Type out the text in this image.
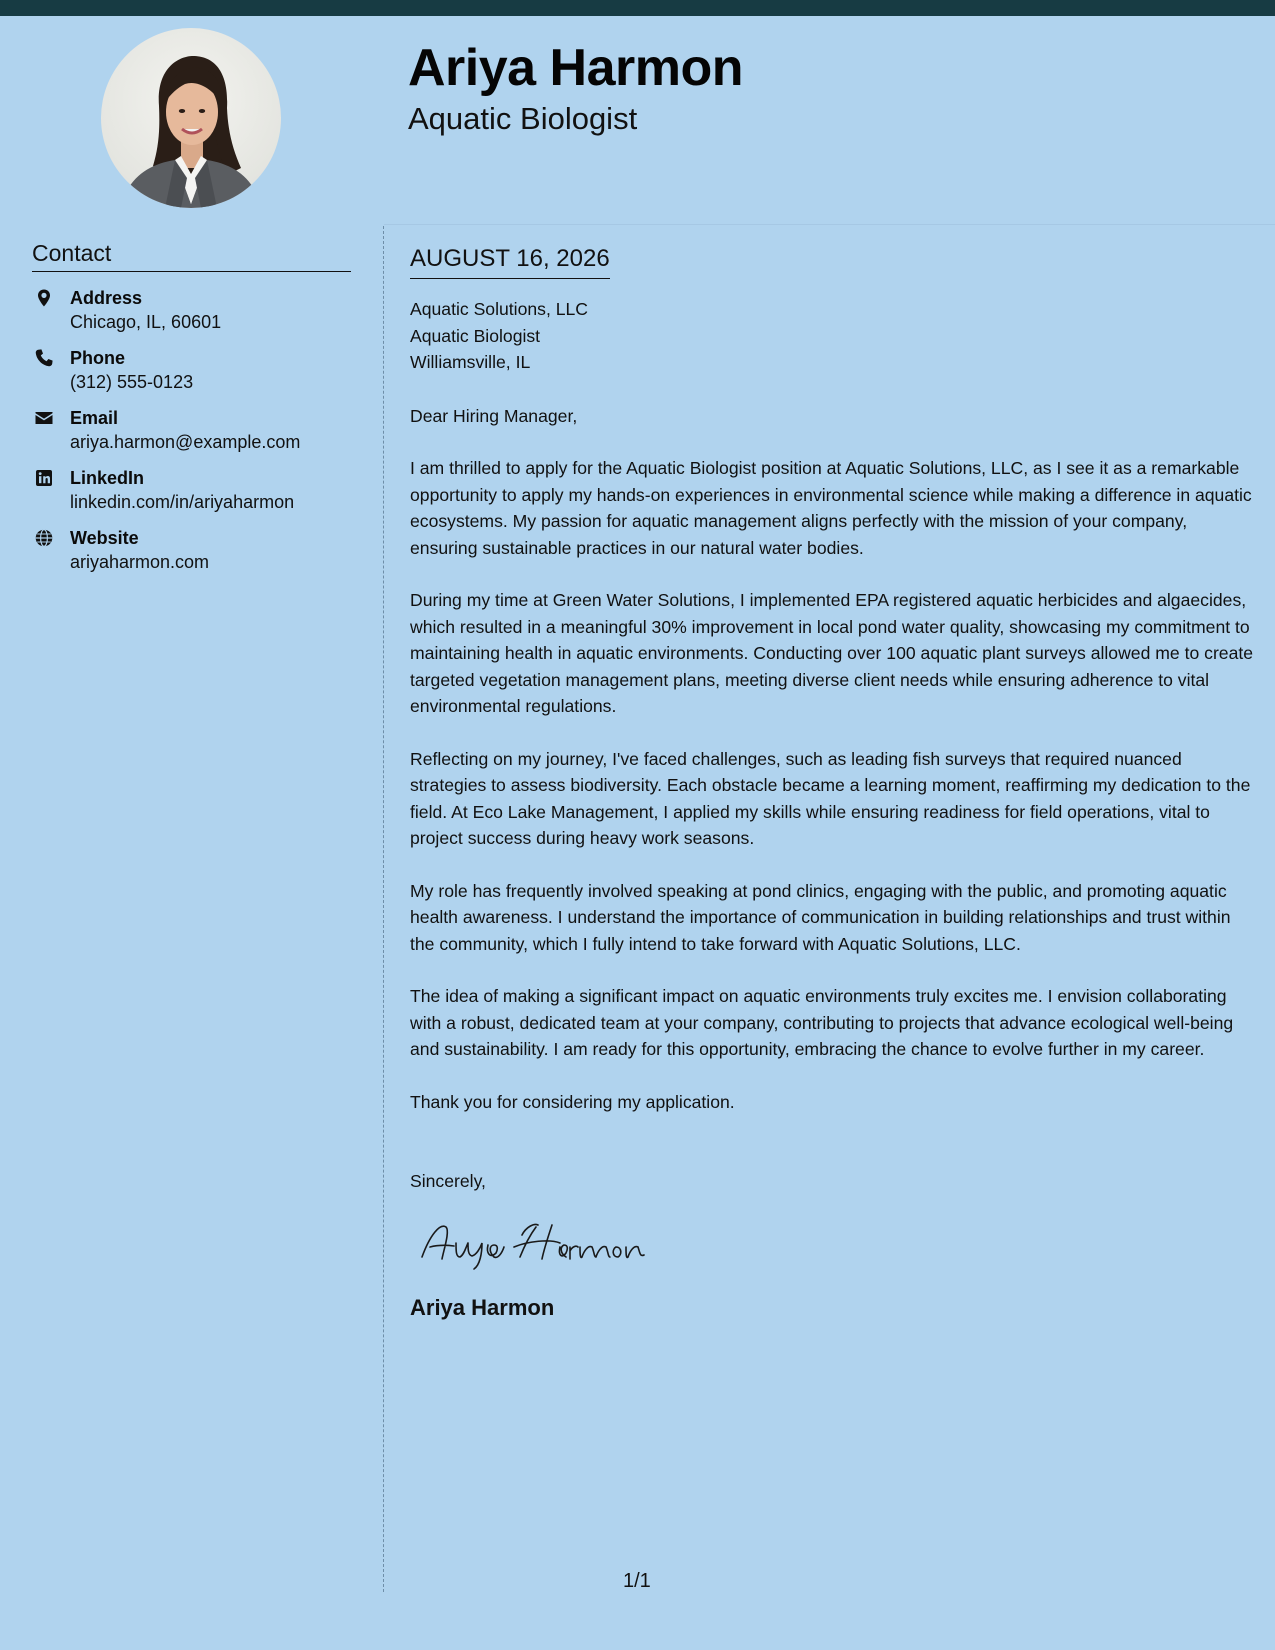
Ariya Harmon
Aquatic Biologist
Contact
Address
Chicago, IL, 60601
Phone
(312) 555-0123
Email
ariya.harmon@example.com
LinkedIn
linkedin.com/in/ariyaharmon
Website
ariyaharmon.com
AUGUST 16, 2026
Aquatic Solutions, LLC
Aquatic Biologist
Williamsville, IL
Dear Hiring Manager,

I am thrilled to apply for the Aquatic Biologist position at Aquatic Solutions, LLC, as I see it as a remarkable opportunity to apply my hands-on experiences in environmental science while making a difference in aquatic ecosystems. My passion for aquatic management aligns perfectly with the mission of your company, ensuring sustainable practices in our natural water bodies.

During my time at Green Water Solutions, I implemented EPA registered aquatic herbicides and algaecides, which resulted in a meaningful 30% improvement in local pond water quality, showcasing my commitment to maintaining health in aquatic environments. Conducting over 100 aquatic plant surveys allowed me to create targeted vegetation management plans, meeting diverse client needs while ensuring adherence to vital environmental regulations.

Reflecting on my journey, I've faced challenges, such as leading fish surveys that required nuanced strategies to assess biodiversity. Each obstacle became a learning moment, reaffirming my dedication to the field. At Eco Lake Management, I applied my skills while ensuring readiness for field operations, vital to project success during heavy work seasons.

My role has frequently involved speaking at pond clinics, engaging with the public, and promoting aquatic health awareness. I understand the importance of communication in building relationships and trust within the community, which I fully intend to take forward with Aquatic Solutions, LLC.

The idea of making a significant impact on aquatic environments truly excites me. I envision collaborating with a robust, dedicated team at your company, contributing to projects that advance ecological well-being and sustainability. I am ready for this opportunity, embracing the chance to evolve further in my career.

Thank you for considering my application.

Sincerely,
Ariya Harmon
1/1
